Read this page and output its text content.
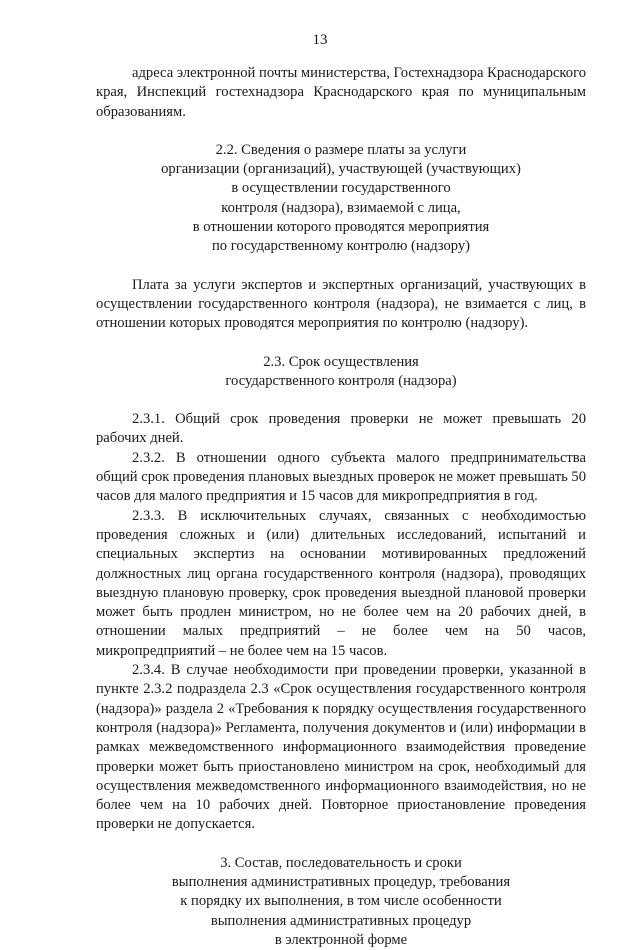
13

адреса электронной почты министерства, Гостехнадзора Краснодарского края, Инспекций гостехнадзора Краснодарского края по муниципальным образованиям.

2.2. Сведения о размере платы за услуги
организации (организаций), участвующей (участвующих)
в осуществлении государственного
контроля (надзора), взимаемой с лица,
в отношении которого проводятся мероприятия
по государственному контролю (надзору)

Плата за услуги экспертов и экспертных организаций, участвующих в осуществлении государственного контроля (надзора), не взимается с лиц, в отношении которых проводятся мероприятия по контролю (надзору).

2.3. Срок осуществления
государственного контроля (надзора)

2.3.1. Общий срок проведения проверки не может превышать 20 рабочих дней.

2.3.2. В отношении одного субъекта малого предпринимательства общий срок проведения плановых выездных проверок не может превышать 50 часов для малого предприятия и 15 часов для микропредприятия в год.

2.3.3. В исключительных случаях, связанных с необходимостью проведения сложных и (или) длительных исследований, испытаний и специальных экспертиз на основании мотивированных предложений должностных лиц органа государственного контроля (надзора), проводящих выездную плановую проверку, срок проведения выездной плановой проверки может быть продлен министром, но не более чем на 20 рабочих дней, в отношении малых предприятий – не более чем на 50 часов, микропредприятий – не более чем на 15 часов.

2.3.4. В случае необходимости при проведении проверки, указанной в пункте 2.3.2 подраздела 2.3 «Срок осуществления государственного контроля (надзора)» раздела 2 «Требования к порядку осуществления государственного контроля (надзора)» Регламента, получения документов и (или) информации в рамках межведомственного информационного взаимодействия проведение проверки может быть приостановлено министром на срок, необходимый для осуществления межведомственного информационного взаимодействия, но не более чем на 10 рабочих дней. Повторное приостановление проведения проверки не допускается.

3. Состав, последовательность и сроки
выполнения административных процедур, требования
к порядку их выполнения, в том числе особенности
выполнения административных процедур
в электронной форме
